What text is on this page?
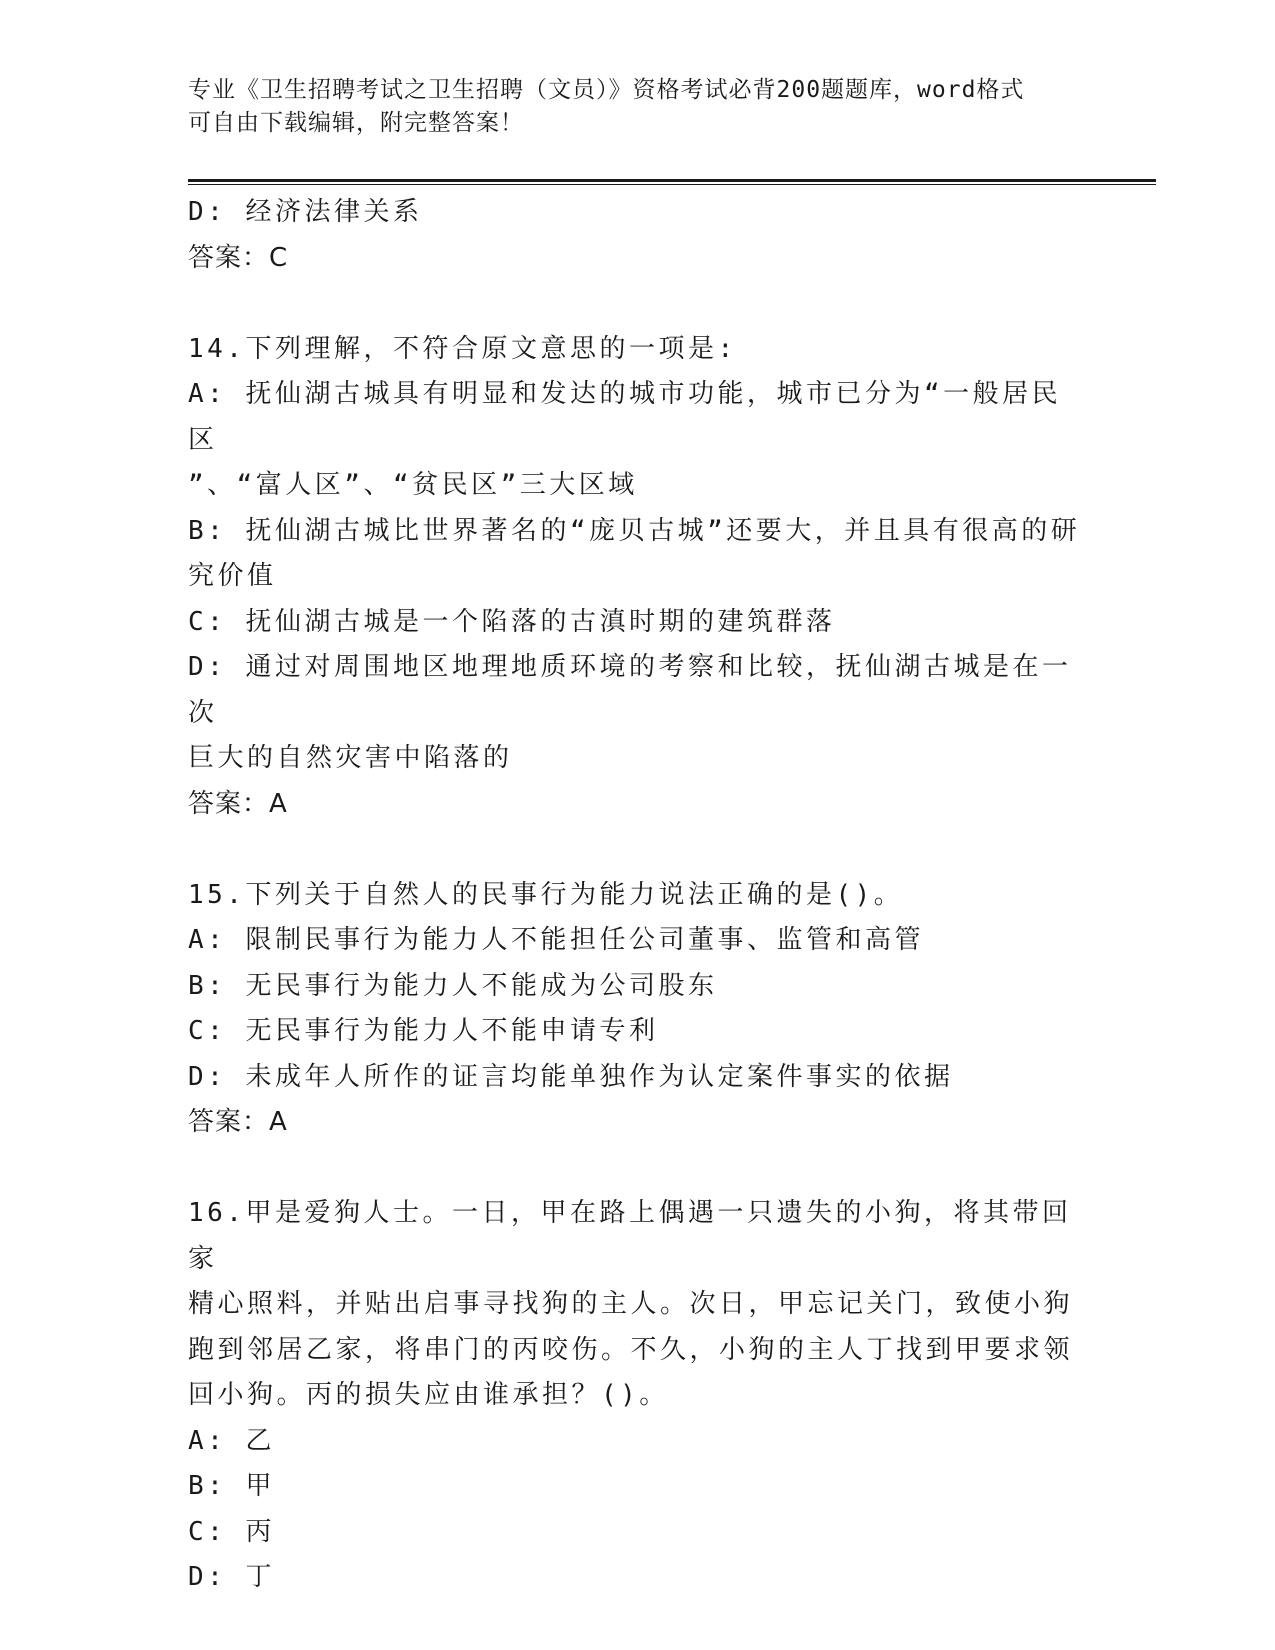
专业《卫生招聘考试之卫生招聘（文员）》资格考试必背200题题库，word格式
可自由下载编辑，附完整答案！
D: 经济法律关系
答案：C
14.下列理解，不符合原文意思的一项是:
A: 抚仙湖古城具有明显和发达的城市功能，城市已分为“一般居民区
”、“富人区”、“贫民区”三大区域
B: 抚仙湖古城比世界著名的“庞贝古城”还要大，并且具有很高的研
究价值
C: 抚仙湖古城是一个陷落的古滇时期的建筑群落
D: 通过对周围地区地理地质环境的考察和比较，抚仙湖古城是在一次
巨大的自然灾害中陷落的
答案：A
15.下列关于自然人的民事行为能力说法正确的是()。
A: 限制民事行为能力人不能担任公司董事、监管和高管
B: 无民事行为能力人不能成为公司股东
C: 无民事行为能力人不能申请专利
D: 未成年人所作的证言均能单独作为认定案件事实的依据
答案：A
16.甲是爱狗人士。一日，甲在路上偶遇一只遗失的小狗，将其带回家
精心照料，并贴出启事寻找狗的主人。次日，甲忘记关门，致使小狗
跑到邻居乙家，将串门的丙咬伤。不久，小狗的主人丁找到甲要求领
回小狗。丙的损失应由谁承担？()。
A: 乙
B: 甲
C: 丙
D: 丁
